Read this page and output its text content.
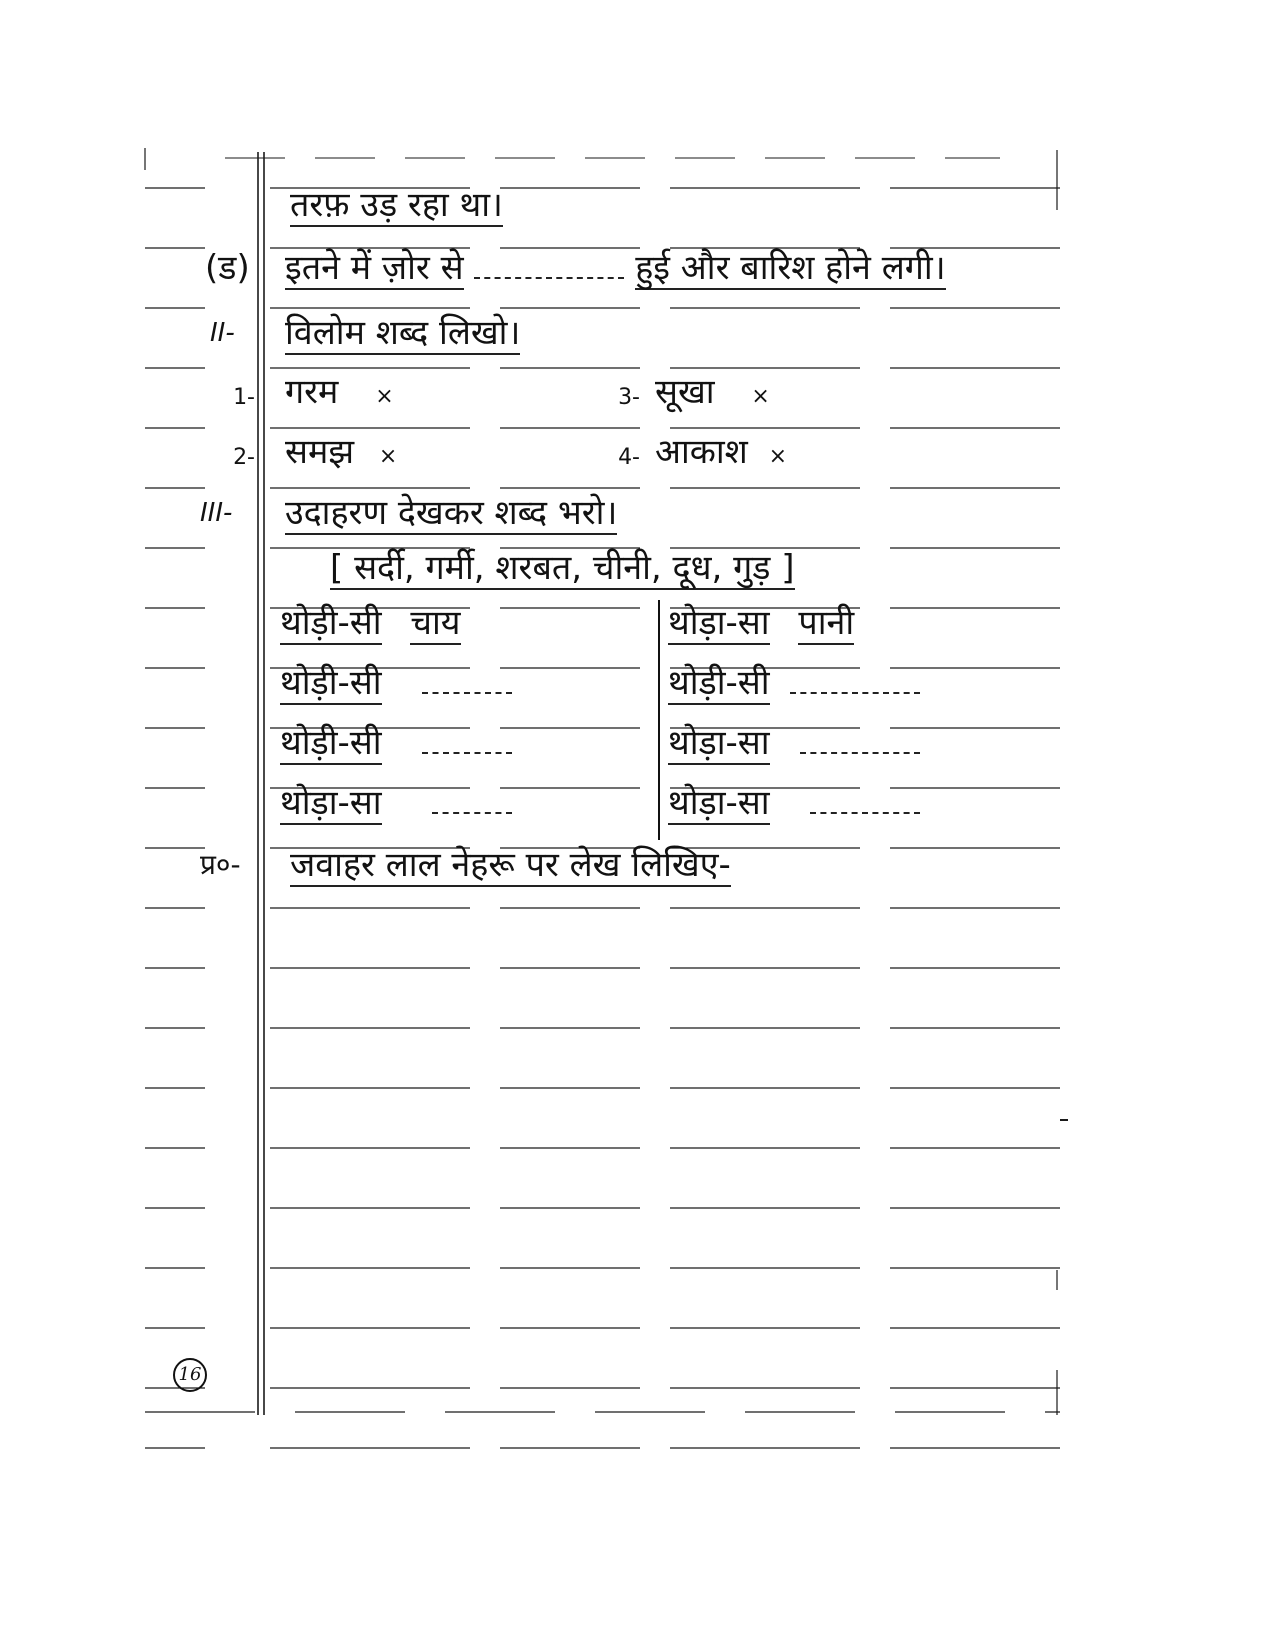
तरफ़ उड़ रहा था।
(ड) इतने में ज़ोर से	हुई और बारिश होने लगी।
II- विलोम शब्द लिखो।
1- गरम ×	3- सूखा ×
2- समझ ×	4- आकाश ×
III- उदाहरण देखकर शब्द भरो।
[ सर्दी, गर्मी, शरबत, चीनी, दूध, गुड़ ]
थोड़ी-सी चाय	थोड़ा-सा पानी
थोड़ी-सी	थोड़ी-सी
थोड़ी-सी	थोड़ा-सा
थोड़ा-सा	थोड़ा-सा
प्र०- जवाहर लाल नेहरू पर लेख लिखिए-
16
